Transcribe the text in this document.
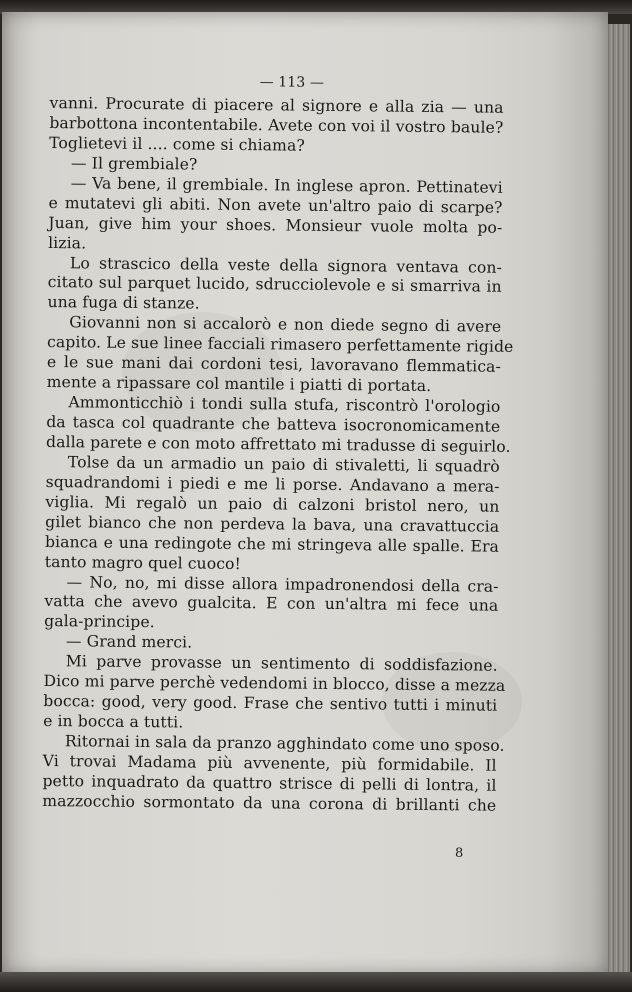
— 113 —
vanni. Procurate di piacere al signore e alla zia — una
barbottona incontentabile. Avete con voi il vostro baule?
Toglietevi il .... come si chiama?
— Il grembiale?
— Va bene, il grembiale. In inglese apron. Pettinatevi
e mutatevi gli abiti. Non avete un'altro paio di scarpe?
Juan, give him your shoes. Monsieur vuole molta po-
lizia.
Lo strascico della veste della signora ventava con-
citato sul parquet lucido, sdrucciolevole e si smarriva in
una fuga di stanze.
Giovanni non si accalorò e non diede segno di avere
capito. Le sue linee facciali rimasero perfettamente rigide
e le sue mani dai cordoni tesi, lavoravano flemmatica-
mente a ripassare col mantile i piatti di portata.
Ammonticchiò i tondi sulla stufa, riscontrò l'orologio
da tasca col quadrante che batteva isocronomicamente
dalla parete e con moto affrettato mi tradusse di seguirlo.
Tolse da un armadio un paio di stivaletti, li squadrò
squadrandomi i piedi e me li porse. Andavano a mera-
viglia. Mi regalò un paio di calzoni bristol nero, un
gilet bianco che non perdeva la bava, una cravattuccia
bianca e una redingote che mi stringeva alle spalle. Era
tanto magro quel cuoco!
— No, no, mi disse allora impadronendosi della cra-
vatta che avevo gualcita. E con un'altra mi fece una
gala-principe.
— Grand merci.
Mi parve provasse un sentimento di soddisfazione.
Dico mi parve perchè vedendomi in blocco, disse a mezza
bocca: good, very good. Frase che sentivo tutti i minuti
e in bocca a tutti.
Ritornai in sala da pranzo agghindato come uno sposo.
Vi trovai Madama più avvenente, più formidabile. Il
petto inquadrato da quattro strisce di pelli di lontra, il
mazzocchio sormontato da una corona di brillanti che
8
